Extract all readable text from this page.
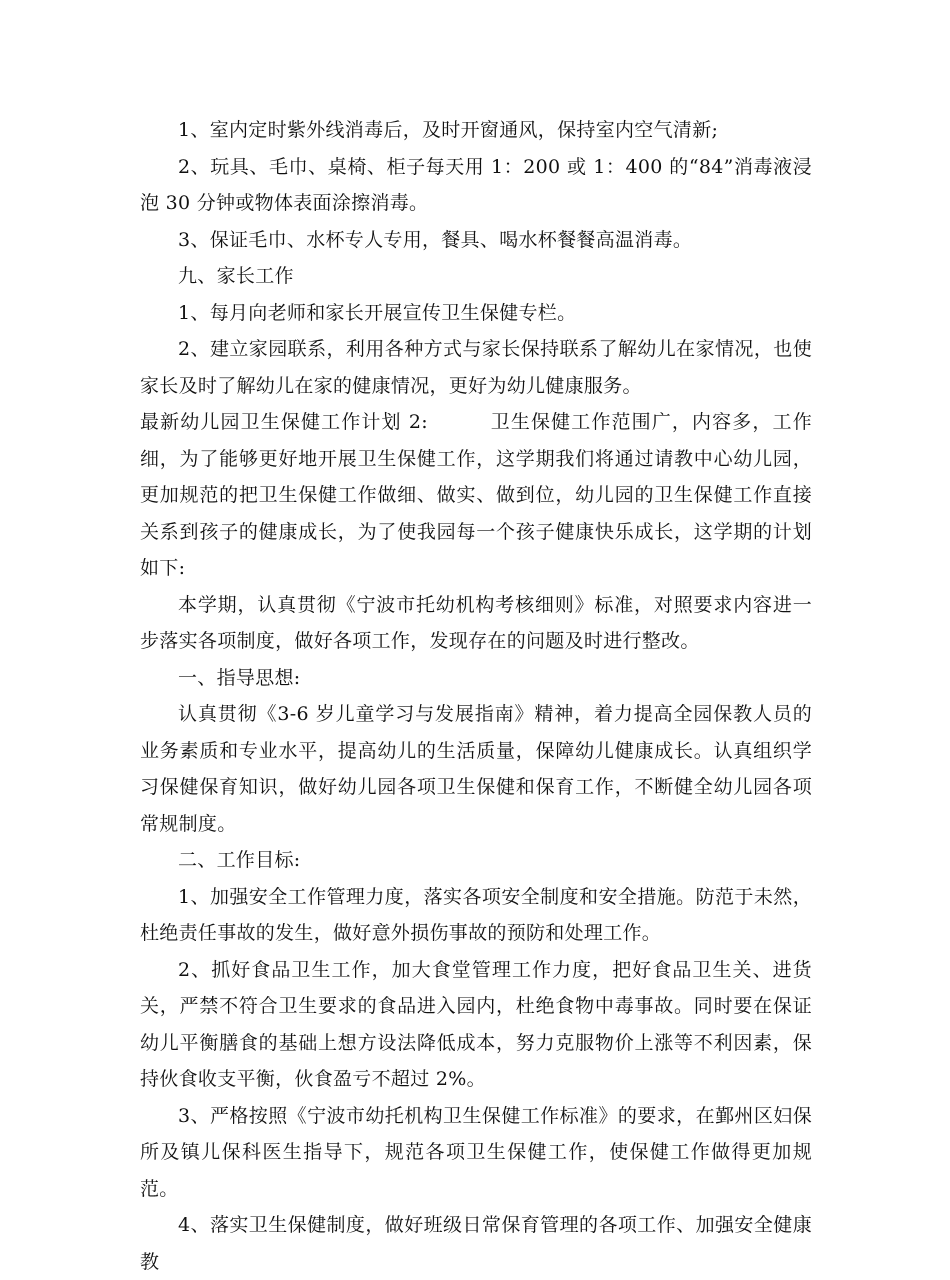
1、室内定时紫外线消毒后，及时开窗通风，保持室内空气清新;

2、玩具、毛巾、桌椅、柜子每天用 1：200 或 1：400 的“84”消毒液浸泡 30 分钟或物体表面涂擦消毒。

3、保证毛巾、水杯专人专用，餐具、喝水杯餐餐高温消毒。

九、家长工作

1、每月向老师和家长开展宣传卫生保健专栏。

2、建立家园联系，利用各种方式与家长保持联系了解幼儿在家情况，也使家长及时了解幼儿在家的健康情况，更好为幼儿健康服务。

最新幼儿园卫生保健工作计划 2:	卫生保健工作范围广，内容多，工作细，为了能够更好地开展卫生保健工作，这学期我们将通过请教中心幼儿园，更加规范的把卫生保健工作做细、做实、做到位，幼儿园的卫生保健工作直接关系到孩子的健康成长，为了使我园每一个孩子健康快乐成长，这学期的计划如下:

本学期，认真贯彻《宁波市托幼机构考核细则》标准，对照要求内容进一步落实各项制度，做好各项工作，发现存在的问题及时进行整改。

一、指导思想:

认真贯彻《3-6 岁儿童学习与发展指南》精神，着力提高全园保教人员的业务素质和专业水平，提高幼儿的生活质量，保障幼儿健康成长。认真组织学习保健保育知识，做好幼儿园各项卫生保健和保育工作，不断健全幼儿园各项常规制度。

二、工作目标:

1、加强安全工作管理力度，落实各项安全制度和安全措施。防范于未然，杜绝责任事故的发生，做好意外损伤事故的预防和处理工作。

2、抓好食品卫生工作，加大食堂管理工作力度，把好食品卫生关、进货关，严禁不符合卫生要求的食品进入园内，杜绝食物中毒事故。同时要在保证幼儿平衡膳食的基础上想方设法降低成本，努力克服物价上涨等不利因素，保持伙食收支平衡，伙食盈亏不超过 2%。

3、严格按照《宁波市幼托机构卫生保健工作标准》的要求，在鄞州区妇保所及镇儿保科医生指导下，规范各项卫生保健工作，使保健工作做得更加规范。

4、落实卫生保健制度，做好班级日常保育管理的各项工作、加强安全健康教
